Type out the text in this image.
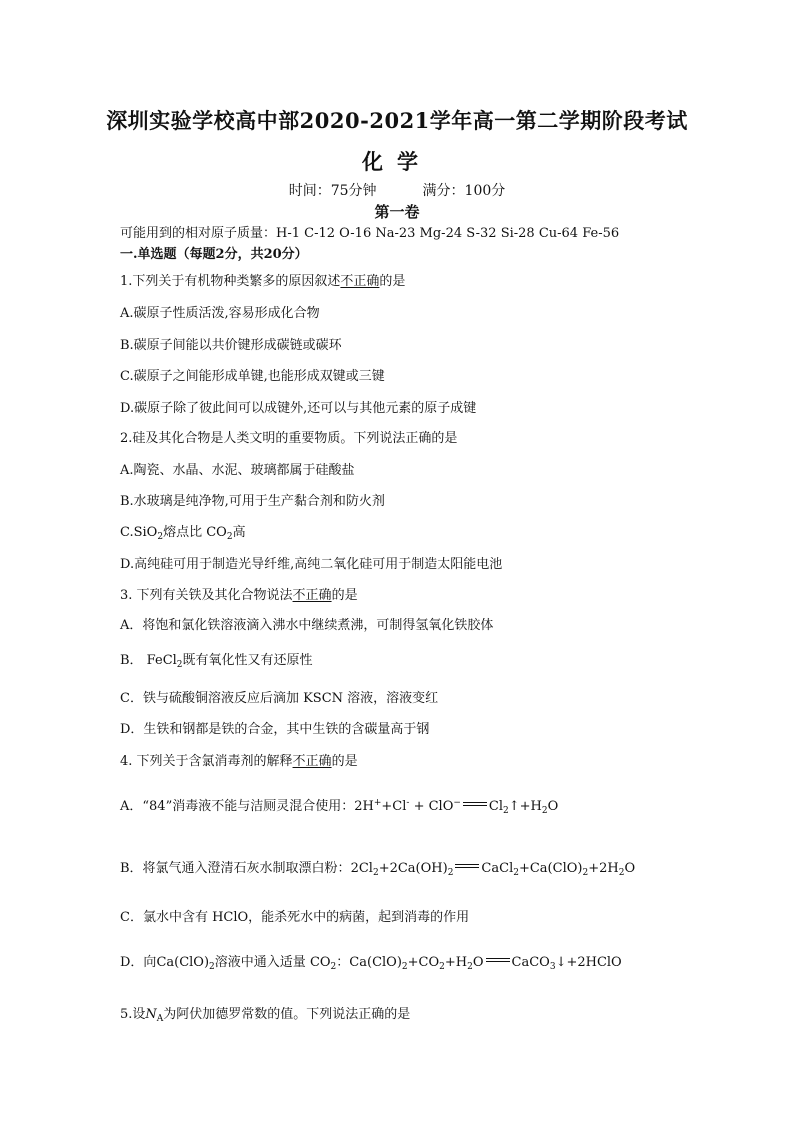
深圳实验学校高中部2020-2021学年高一第二学期阶段考试
化学
时间：75分钟	满分：100分
第一卷
可能用到的相对原子质量：H-1 C-12 O-16 Na-23 Mg-24 S-32 Si-28 Cu-64 Fe-56
一.单选题（每题2分，共20分）
1.下列关于有机物种类繁多的原因叙述不正确的是
A.碳原子性质活泼,容易形成化合物
B.碳原子间能以共价键形成碳链或碳环
C.碳原子之间能形成单键,也能形成双键或三键
D.碳原子除了彼此间可以成键外,还可以与其他元素的原子成键
2.硅及其化合物是人类文明的重要物质。下列说法正确的是
A.陶瓷、水晶、水泥、玻璃都属于硅酸盐
B.水玻璃是纯净物,可用于生产黏合剂和防火剂
C.SiO$_2$熔点比 $CO_2$高
D.高纯硅可用于制造光导纤维,高纯二氧化硅可用于制造太阳能电池
3. 下列有关铁及其化合物说法不正确的是
A．将饱和氯化铁溶液滴入沸水中继续煮沸，可制得氢氧化铁胶体
B． FeCl$_2$既有氧化性又有还原性
C．铁与硫酸铜溶液反应后滴加 KSCN 溶液，溶液变红
D．生铁和钢都是铁的合金，其中生铁的含碳量高于钢
4. 下列关于含氯消毒剂的解释不正确的是
A．“84”消毒液不能与洁厕灵混合使用：2H++Cl- + ClO− $Cl_2↑+H_2O$
B．将氯气通入澄清石灰水制取漂白粉：$2Cl_2+2Ca(OH)_2$ $CaCl_2+Ca(ClO)_2+2H_2O$
C．氯水中含有 HClO，能杀死水中的病菌，起到消毒的作用
D．向$Ca(ClO)_2$溶液中通入适量 $CO_2$：$Ca(ClO)_2+CO_2+H_2O$ CaCO$_3$↓+2HClO
5.设$N_A$为阿伏加德罗常数的值。下列说法正确的是
